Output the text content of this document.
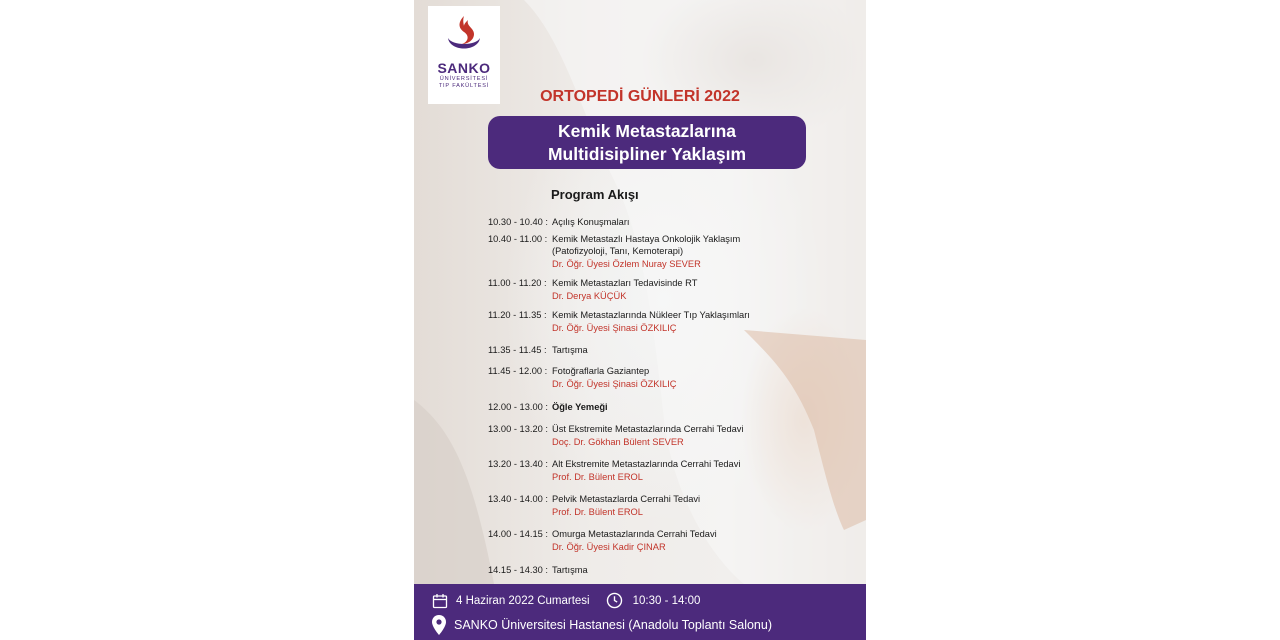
SANKO
ÜNİVERSİTESİ
TIP FAKÜLTESİ
ORTOPEDİ GÜNLERİ 2022
Kemik Metastazlarına
Multidisipliner Yaklaşım
Program Akışı
10.30 - 10.40 : Açılış Konuşmaları
10.40 - 11.00 : Kemik Metastazlı Hastaya Onkolojik Yaklaşım
(Patofizyoloji, Tanı, Kemoterapi)
Dr. Öğr. Üyesi Özlem Nuray SEVER
11.00 - 11.20 : Kemik Metastazları Tedavisinde RT
Dr. Derya KÜÇÜK
11.20 - 11.35 : Kemik Metastazlarında Nükleer Tıp Yaklaşımları
Dr. Öğr. Üyesi Şinasi ÖZKILIÇ
11.35 - 11.45 : Tartışma
11.45 - 12.00 : Fotoğraflarla Gaziantep
Dr. Öğr. Üyesi Şinasi ÖZKILIÇ
12.00 - 13.00 : Öğle Yemeği
13.00 - 13.20 : Üst Ekstremite Metastazlarında Cerrahi Tedavi
Doç. Dr. Gökhan Bülent SEVER
13.20 - 13.40 : Alt Ekstremite Metastazlarında Cerrahi Tedavi
Prof. Dr. Bülent EROL
13.40 - 14.00 : Pelvik Metastazlarda Cerrahi Tedavi
Prof. Dr. Bülent EROL
14.00 - 14.15 : Omurga Metastazlarında Cerrahi Tedavi
Dr. Öğr. Üyesi Kadir ÇINAR
14.15 - 14.30 : Tartışma
4 Haziran 2022 Cumartesi	10:30 - 14:00
SANKO Üniversitesi Hastanesi (Anadolu Toplantı Salonu)
